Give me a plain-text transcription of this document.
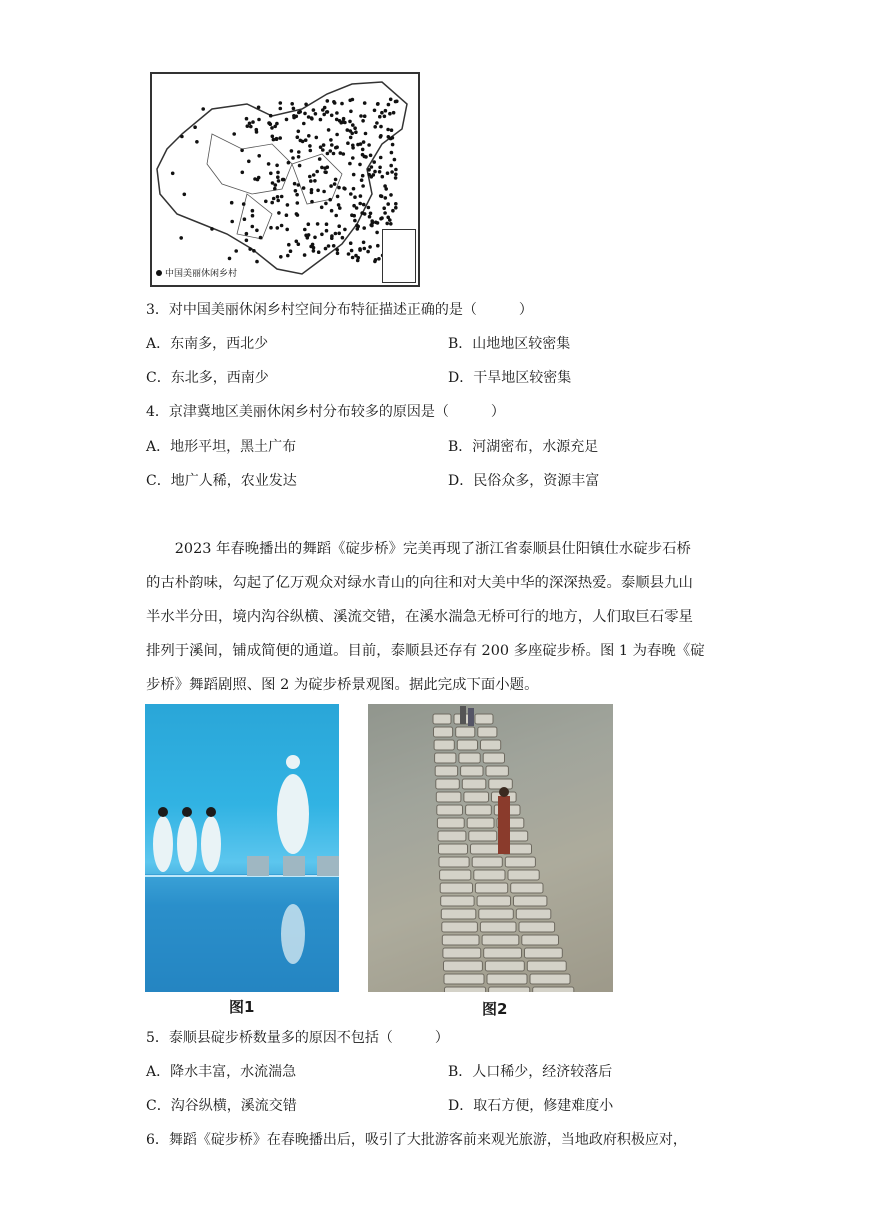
中国美丽休闲乡村
3．对中国美丽休闲乡村空间分布特征描述正确的是（　　　）
A．东南多，西北少	B．山地地区较密集
C．东北多，西南少	D．干旱地区较密集
4．京津冀地区美丽休闲乡村分布较多的原因是（　　　）
A．地形平坦，黑土广布	B．河湖密布，水源充足
C．地广人稀，农业发达	D．民俗众多，资源丰富
　　2023 年春晚播出的舞蹈《碇步桥》完美再现了浙江省泰顺县仕阳镇仕水碇步石桥
的古朴韵味，勾起了亿万观众对绿水青山的向往和对大美中华的深深热爱。泰顺县九山
半水半分田，境内沟谷纵横、溪流交错，在溪水湍急无桥可行的地方，人们取巨石零星
排列于溪间，铺成简便的通道。目前，泰顺县还存有 200 多座碇步桥。图 1 为春晚《碇
步桥》舞蹈剧照、图 2 为碇步桥景观图。据此完成下面小题。
图1	图2
5．泰顺县碇步桥数量多的原因不包括（　　　）
A．降水丰富，水流湍急	B．人口稀少，经济较落后
C．沟谷纵横，溪流交错	D．取石方便，修建难度小
6．舞蹈《碇步桥》在春晚播出后，吸引了大批游客前来观光旅游，当地政府积极应对，
